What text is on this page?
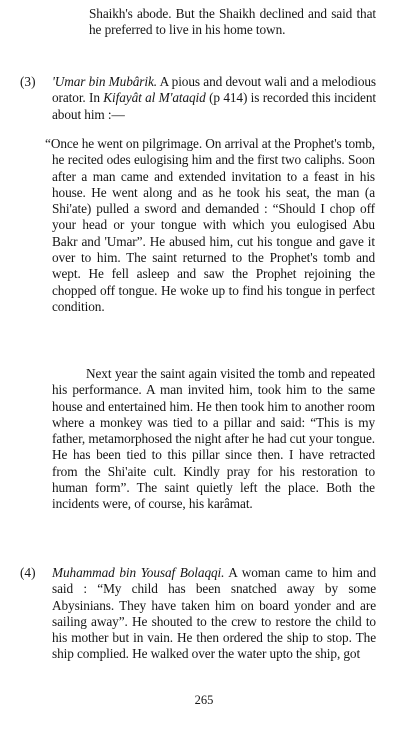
Shaikh's abode. But the Shaikh declined and said that he preferred to live in his home town.

(3) 'Umar bin Mubârik. A pious and devout wali and a melodious orator. In Kifayât al M'ataqid (p 414) is recorded this incident about him :—

“Once he went on pilgrimage. On arrival at the Prophet's tomb, he recited odes eulogising him and the first two caliphs. Soon after a man came and extended invitation to a feast in his house. He went along and as he took his seat, the man (a Shi'ate) pulled a sword and demanded : “Should I chop off your head or your tongue with which you eulogised Abu Bakr and 'Umar”. He abused him, cut his tongue and gave it over to him. The saint returned to the Prophet's tomb and wept. He fell asleep and saw the Prophet rejoining the chopped off tongue. He woke up to find his tongue in perfect condition.

Next year the saint again visited the tomb and repeated his performance. A man invited him, took him to the same house and entertained him. He then took him to another room where a monkey was tied to a pillar and said: “This is my father, metamorphosed the night after he had cut your tongue. He has been tied to this pillar since then. I have retracted from the Shi'aite cult. Kindly pray for his restoration to human form”. The saint quietly left the place. Both the incidents were, of course, his karâmat.

(4) Muhammad bin Yousaf Bolaqqi. A woman came to him and said : “My child has been snatched away by some Abysinians. They have taken him on board yonder and are sailing away”. He shouted to the crew to restore the child to his mother but in vain. He then ordered the ship to stop. The ship complied. He walked over the water upto the ship, got

265
